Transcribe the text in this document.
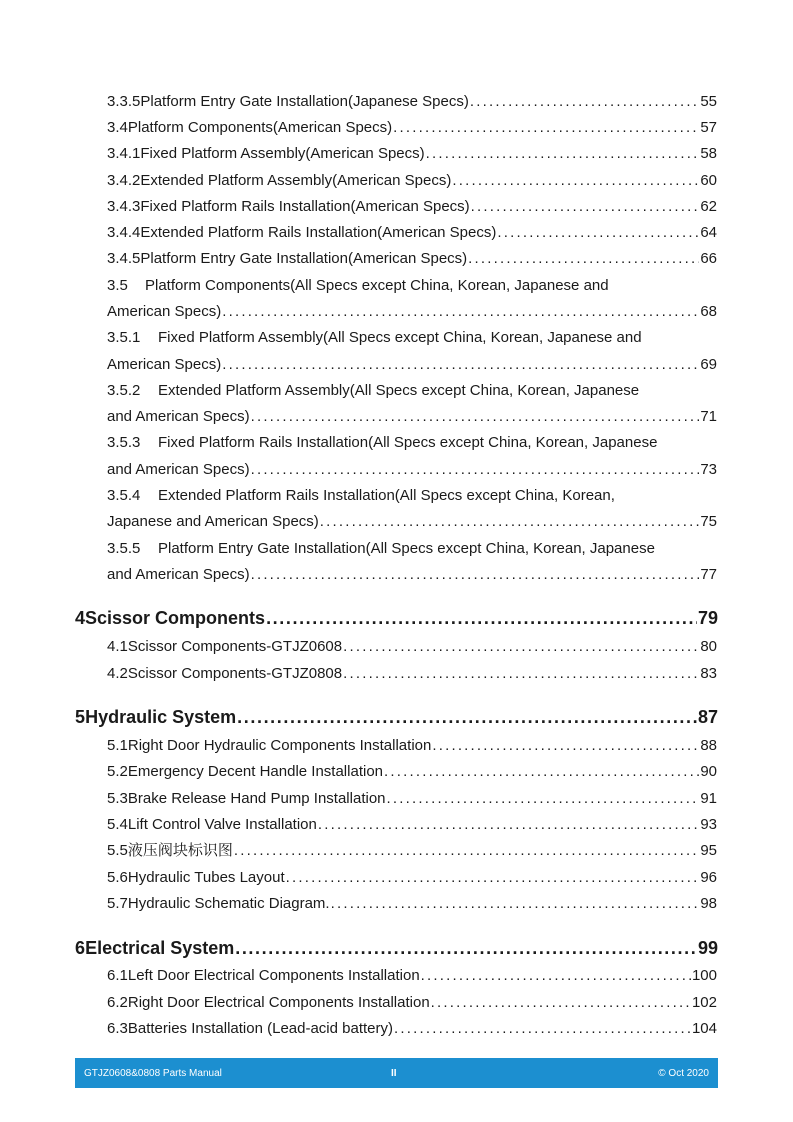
3.3.5 Platform Entry Gate Installation(Japanese Specs) .....	55
3.4 Platform Components(American Specs) .....	57
3.4.1 Fixed Platform Assembly(American Specs) .....	58
3.4.2 Extended Platform Assembly(American Specs) .....	60
3.4.3 Fixed Platform Rails Installation(American Specs) .....	62
3.4.4 Extended Platform Rails Installation(American Specs) .....	64
3.4.5 Platform Entry Gate Installation(American Specs) .....	66
3.5 Platform Components(All Specs except China, Korean, Japanese and
American Specs) .....	68
3.5.1 Fixed Platform Assembly(All Specs except China, Korean, Japanese and
American Specs) .....	69
3.5.2 Extended Platform Assembly(All Specs except China, Korean, Japanese
and American Specs) .....	71
3.5.3 Fixed Platform Rails Installation(All Specs except China, Korean, Japanese
and American Specs) .....	73
3.5.4 Extended Platform Rails Installation(All Specs except China, Korean,
Japanese and American Specs) .....	75
3.5.5 Platform Entry Gate Installation(All Specs except China, Korean, Japanese
and American Specs) .....	77
4 Scissor Components .....	79
4.1 Scissor Components-GTJZ0608 .....	80
4.2 Scissor Components-GTJZ0808 .....	83
5 Hydraulic System .....	87
5.1 Right Door Hydraulic Components Installation .....	88
5.2 Emergency Decent Handle Installation .....	90
5.3 Brake Release Hand Pump Installation .....	91
5.4 Lift Control Valve Installation .....	93
5.5 液压阀块标识图 .....	95
5.6 Hydraulic Tubes Layout .....	96
5.7 Hydraulic Schematic Diagram. .....	98
6 Electrical System .....	99
6.1 Left Door Electrical Components Installation .....	100
6.2 Right Door Electrical Components Installation .....	102
6.3 Batteries Installation (Lead-acid battery) .....	104
GTJZ0608&0808 Parts Manual	II	© Oct 2020
